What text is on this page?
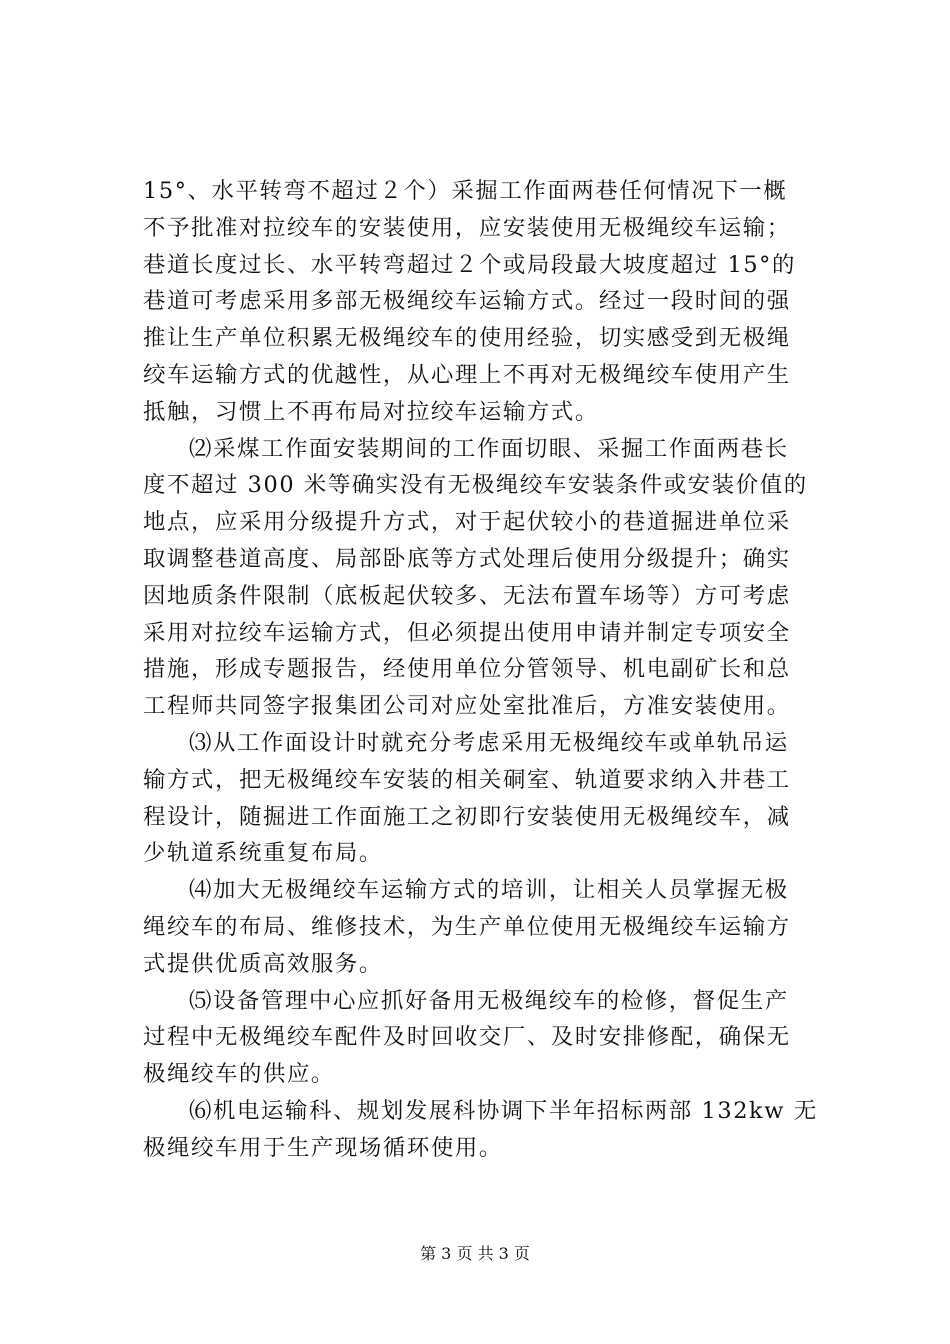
15°、水平转弯不超过２个）采掘工作面两巷任何情况下一概
不予批准对拉绞车的安装使用，应安装使用无极绳绞车运输；
巷道长度过长、水平转弯超过２个或局段最大坡度超过 15°的
巷道可考虑采用多部无极绳绞车运输方式。经过一段时间的强
推让生产单位积累无极绳绞车的使用经验，切实感受到无极绳
绞车运输方式的优越性，从心理上不再对无极绳绞车使用产生
抵触，习惯上不再布局对拉绞车运输方式。
⑵采煤工作面安装期间的工作面切眼、采掘工作面两巷长
度不超过 300 米等确实没有无极绳绞车安装条件或安装价值的
地点，应采用分级提升方式，对于起伏较小的巷道掘进单位采
取调整巷道高度、局部卧底等方式处理后使用分级提升；确实
因地质条件限制（底板起伏较多、无法布置车场等）方可考虑
采用对拉绞车运输方式，但必须提出使用申请并制定专项安全
措施，形成专题报告，经使用单位分管领导、机电副矿长和总
工程师共同签字报集团公司对应处室批准后，方准安装使用。
⑶从工作面设计时就充分考虑采用无极绳绞车或单轨吊运
输方式，把无极绳绞车安装的相关硐室、轨道要求纳入井巷工
程设计，随掘进工作面施工之初即行安装使用无极绳绞车，减
少轨道系统重复布局。
⑷加大无极绳绞车运输方式的培训，让相关人员掌握无极
绳绞车的布局、维修技术，为生产单位使用无极绳绞车运输方
式提供优质高效服务。
⑸设备管理中心应抓好备用无极绳绞车的检修，督促生产
过程中无极绳绞车配件及时回收交厂、及时安排修配，确保无
极绳绞车的供应。
⑹机电运输科、规划发展科协调下半年招标两部 132kw 无
极绳绞车用于生产现场循环使用。
第 3 页 共 3 页
